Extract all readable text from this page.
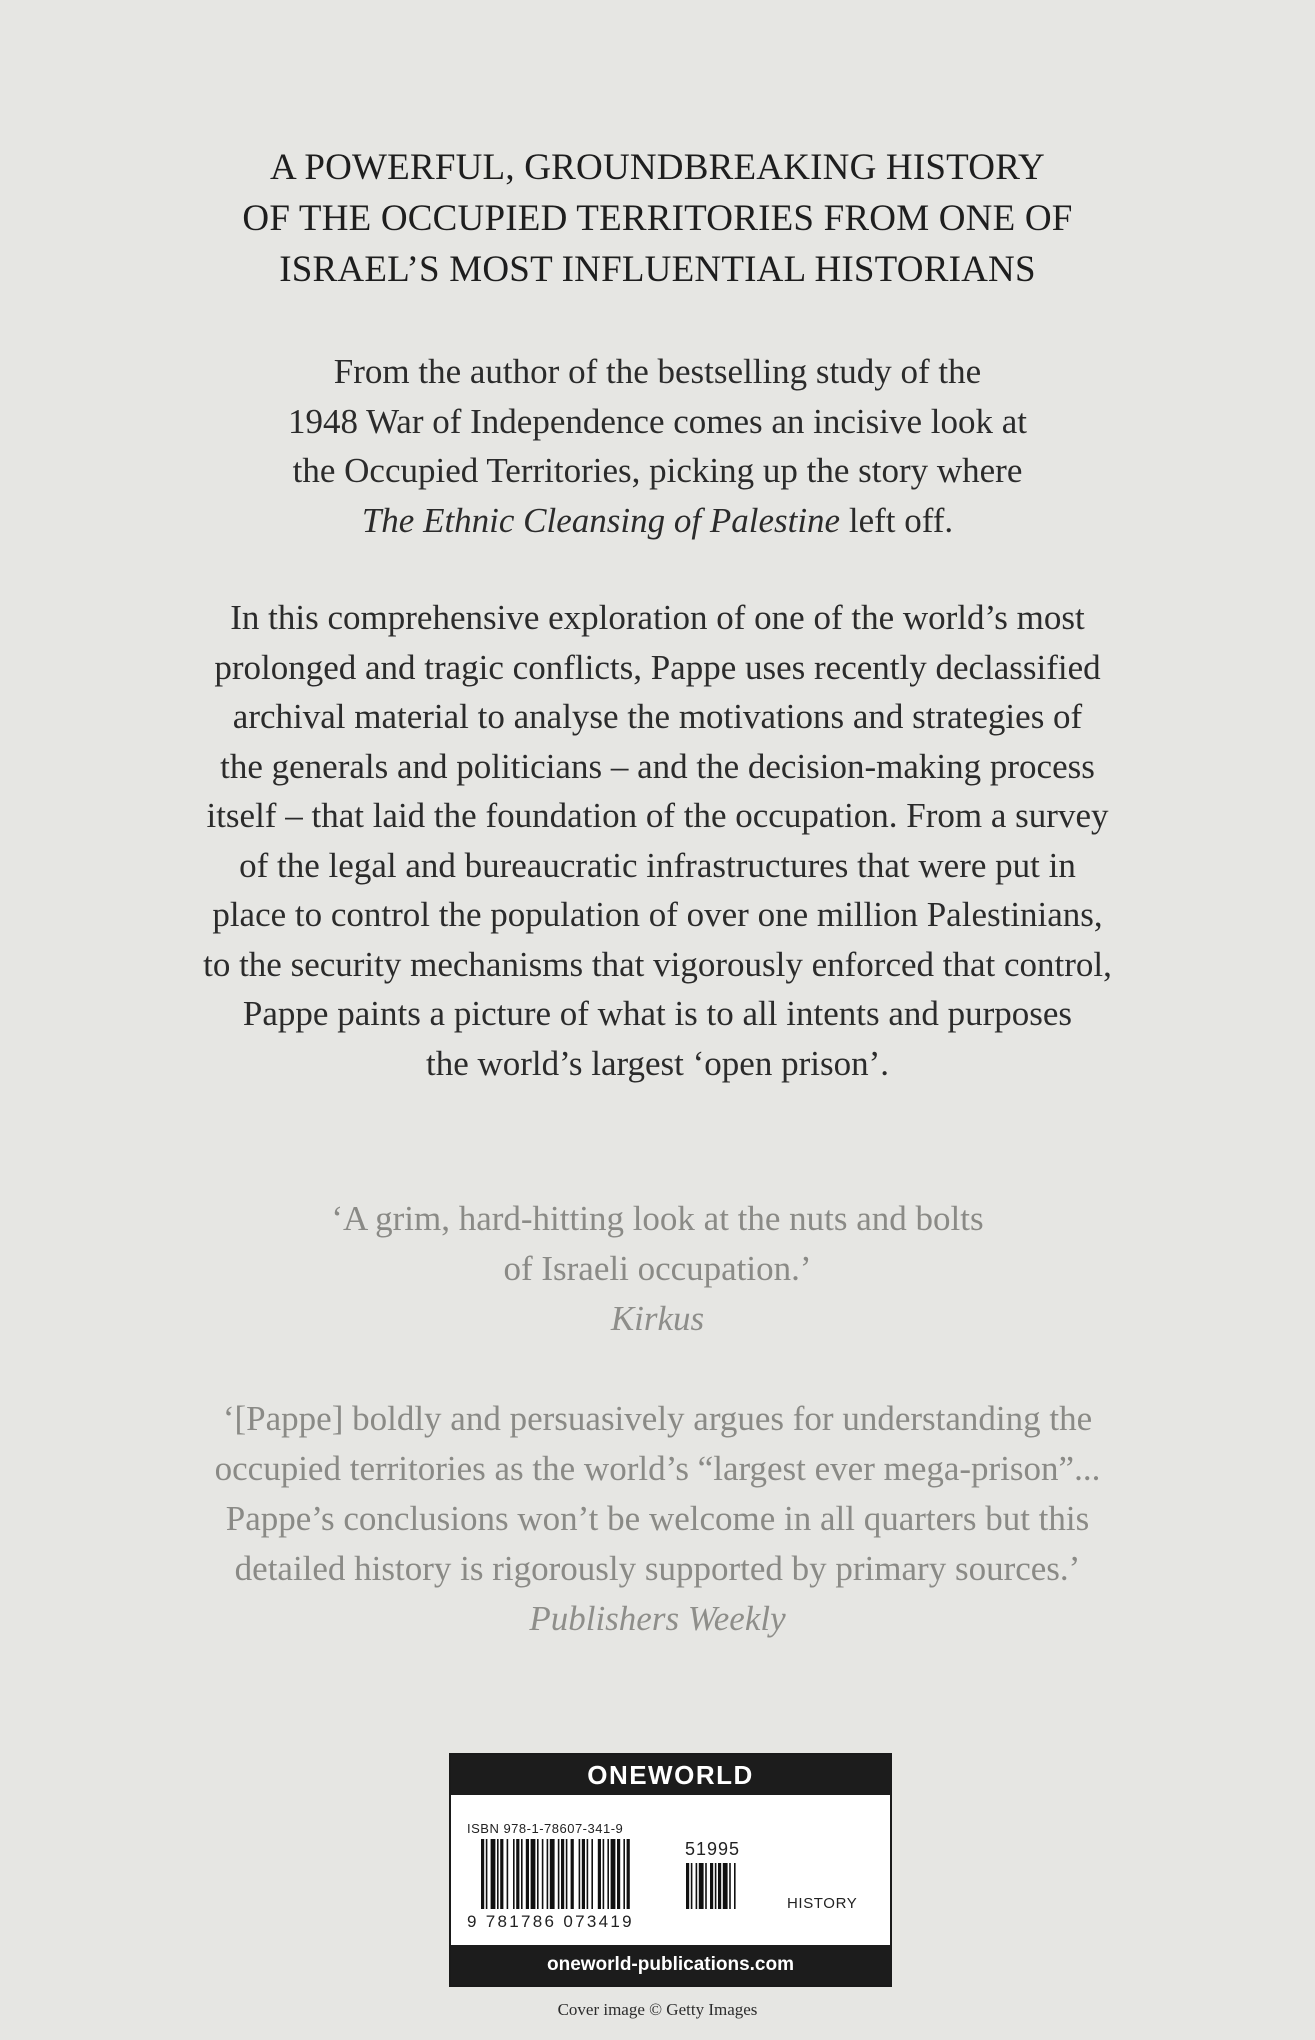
A POWERFUL, GROUNDBREAKING HISTORY
OF THE OCCUPIED TERRITORIES FROM ONE OF
ISRAEL’S MOST INFLUENTIAL HISTORIANS
From the author of the bestselling study of the
1948 War of Independence comes an incisive look at
the Occupied Territories, picking up the story where
The Ethnic Cleansing of Palestine left off.
In this comprehensive exploration of one of the world’s most
prolonged and tragic conflicts, Pappe uses recently declassified
archival material to analyse the motivations and strategies of
the generals and politicians – and the decision-making process
itself – that laid the foundation of the occupation. From a survey
of the legal and bureaucratic infrastructures that were put in
place to control the population of over one million Palestinians,
to the security mechanisms that vigorously enforced that control,
Pappe paints a picture of what is to all intents and purposes
the world’s largest ‘open prison’.
‘A grim, hard-hitting look at the nuts and bolts
of Israeli occupation.’
Kirkus
‘[Pappe] boldly and persuasively argues for understanding the
occupied territories as the world’s “largest ever mega-prison”...
Pappe’s conclusions won’t be welcome in all quarters but this
detailed history is rigorously supported by primary sources.’
Publishers Weekly
ONEWORLD
ISBN 978-1-78607-341-9
51995
9 781786 073419
HISTORY
oneworld-publications.com
Cover image © Getty Images
